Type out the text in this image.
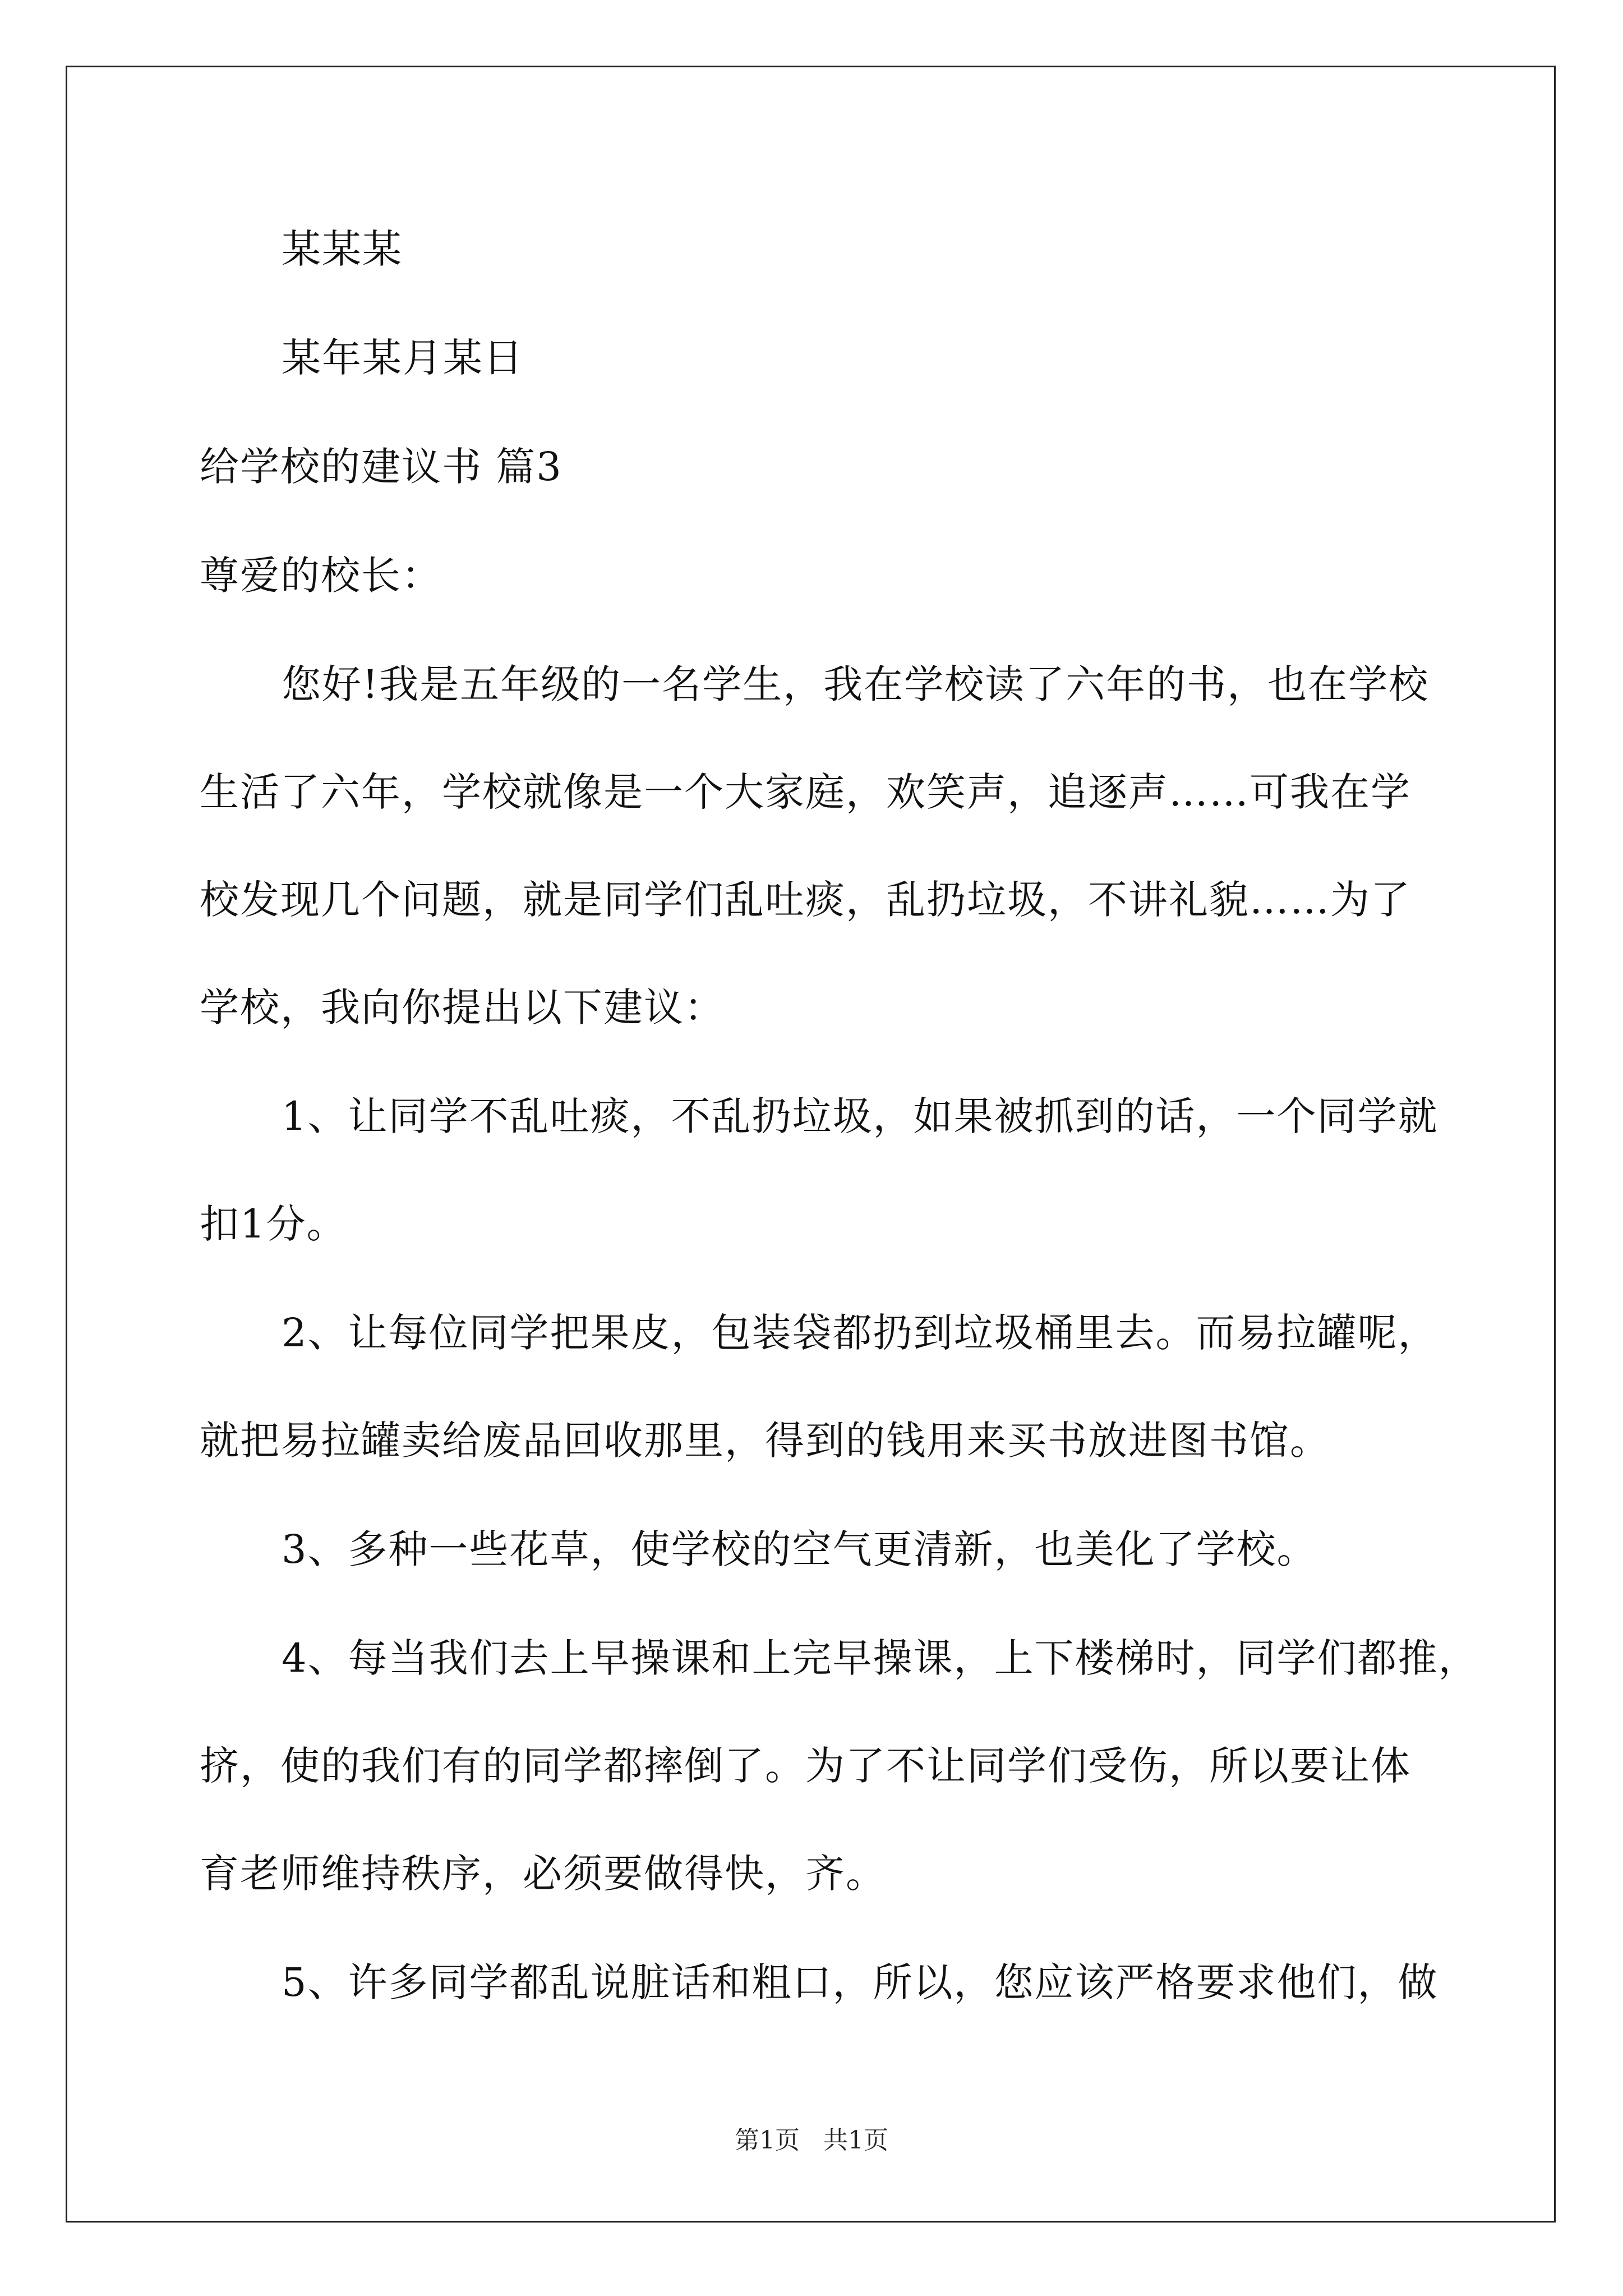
某某某
某年某月某日
给学校的建议书 篇3
尊爱的校长：
您好!我是五年级的一名学生，我在学校读了六年的书，也在学校
生活了六年，学校就像是一个大家庭，欢笑声，追逐声……可我在学
校发现几个问题，就是同学们乱吐痰，乱扔垃圾，不讲礼貌……为了
学校，我向你提出以下建议：
1、让同学不乱吐痰，不乱扔垃圾，如果被抓到的话，一个同学就
扣1分。
2、让每位同学把果皮，包装袋都扔到垃圾桶里去。而易拉罐呢，
就把易拉罐卖给废品回收那里，得到的钱用来买书放进图书馆。
3、多种一些花草，使学校的空气更清新，也美化了学校。
4、每当我们去上早操课和上完早操课，上下楼梯时，同学们都推，
挤，使的我们有的同学都摔倒了。为了不让同学们受伤，所以要让体
育老师维持秩序，必须要做得快，齐。
5、许多同学都乱说脏话和粗口，所以，您应该严格要求他们，做
第1页   共1页
